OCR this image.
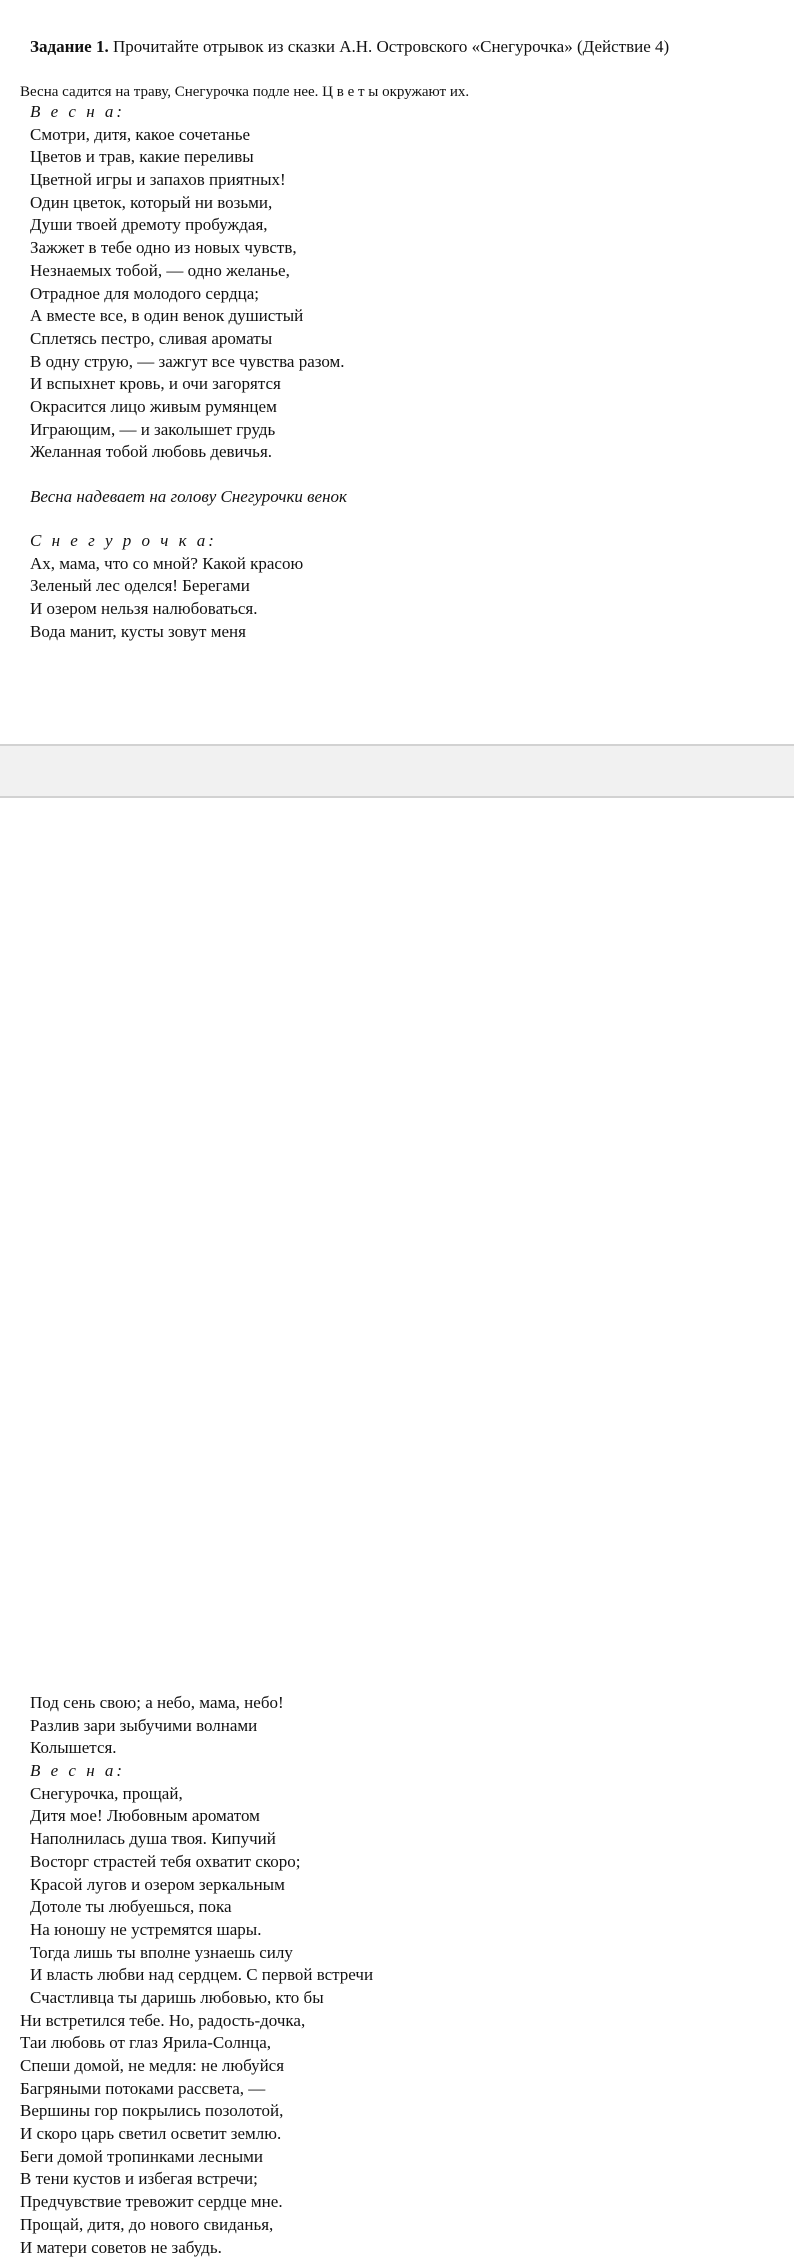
Задание 1. Прочитайте отрывок из сказки А.Н. Островского «Снегурочка» (Действие 4)
Весна садится на траву, Снегурочка подле нее. Ц в е т ы окружают их.
В е с н а:
Смотри, дитя, какое сочетанье
Цветов и трав, какие переливы
Цветной игры и запахов приятных!
Один цветок, который ни возьми,
Души твоей дремоту пробуждая,
Зажжет в тебе одно из новых чувств,
Незнаемых тобой, — одно желанье,
Отрадное для молодого сердца;
А вместе все, в один венок душистый
Сплетясь пестро, сливая ароматы
В одну струю, — зажгут все чувства разом.
И вспыхнет кровь, и очи загорятся
Окрасится лицо живым румянцем
Играющим, — и заколышет грудь
Желанная тобой любовь девичья.
Весна надевает на голову Снегурочки венок
С н е г у р о ч к а:
Ах, мама, что со мной? Какой красою
Зеленый лес оделся! Берегами
И озером нельзя налюбоваться.
Вода манит, кусты зовут меня
Под сень свою; а небо, мама, небо!
Разлив зари зыбучими волнами
Колышется.
В е с н а:
Снегурочка, прощай,
Дитя мое! Любовным ароматом
Наполнилась душа твоя. Кипучий
Восторг страстей тебя охватит скоро;
Красой лугов и озером зеркальным
Дотоле ты любуешься, пока
На юношу не устремятся шары.
Тогда лишь ты вполне узнаешь силу
И власть любви над сердцем. С первой встречи
Счастливца ты даришь любовью, кто бы
Ни встретился тебе. Но, радость-дочка,
Таи любовь от глаз Ярила-Солнца,
Спеши домой, не медля: не любуйся
Багряными потоками рассвета, —
Вершины гор покрылись позолотой,
И скоро царь светил осветит землю.
Беги домой тропинками лесными
В тени кустов и избегая встречи;
Предчувствие тревожит сердце мне.
Прощай, дитя, до нового свиданья,
И матери советов не забудь.
